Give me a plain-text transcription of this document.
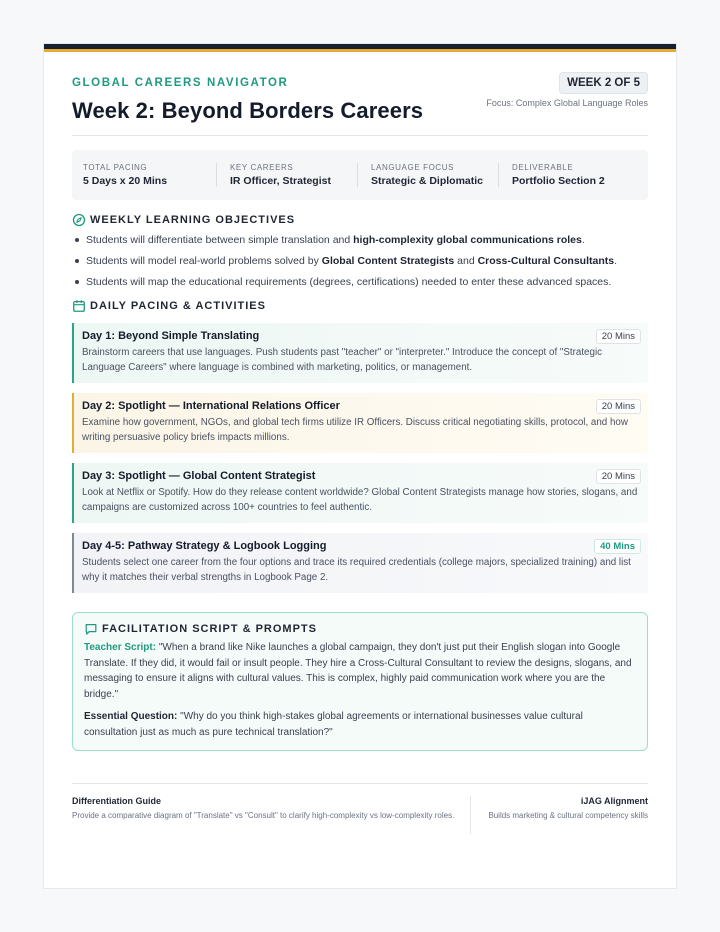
GLOBAL CAREERS NAVIGATOR
Week 2: Beyond Borders Careers
WEEK 2 OF 5
Focus: Complex Global Language Roles
TOTAL PACING
5 Days x 20 Mins
KEY CAREERS
IR Officer, Strategist
LANGUAGE FOCUS
Strategic & Diplomatic
DELIVERABLE
Portfolio Section 2
WEEKLY LEARNING OBJECTIVES
Students will differentiate between simple translation and high-complexity global communications roles.
Students will model real-world problems solved by Global Content Strategists and Cross-Cultural Consultants.
Students will map the educational requirements (degrees, certifications) needed to enter these advanced spaces.
DAILY PACING & ACTIVITIES
Day 1: Beyond Simple Translating	20 Mins
Brainstorm careers that use languages. Push students past "teacher" or "interpreter." Introduce the concept of "Strategic Language Careers" where language is combined with marketing, politics, or management.
Day 2: Spotlight — International Relations Officer	20 Mins
Examine how government, NGOs, and global tech firms utilize IR Officers. Discuss critical negotiating skills, protocol, and how writing persuasive policy briefs impacts millions.
Day 3: Spotlight — Global Content Strategist	20 Mins
Look at Netflix or Spotify. How do they release content worldwide? Global Content Strategists manage how stories, slogans, and campaigns are customized across 100+ countries to feel authentic.
Day 4-5: Pathway Strategy & Logbook Logging	40 Mins
Students select one career from the four options and trace its required credentials (college majors, specialized training) and list why it matches their verbal strengths in Logbook Page 2.
FACILITATION SCRIPT & PROMPTS

Teacher Script: "When a brand like Nike launches a global campaign, they don't just put their English slogan into Google Translate. If they did, it would fail or insult people. They hire a Cross-Cultural Consultant to review the designs, slogans, and messaging to ensure it aligns with cultural values. This is complex, highly paid communication work where you are the bridge."

Essential Question: "Why do you think high-stakes global agreements or international businesses value cultural consultation just as much as pure technical translation?"

Differentiation Guide
Provide a comparative diagram of "Translate" vs "Consult" to clarify high-complexity vs low-complexity roles.
iJAG Alignment
Builds marketing & cultural competency skills
